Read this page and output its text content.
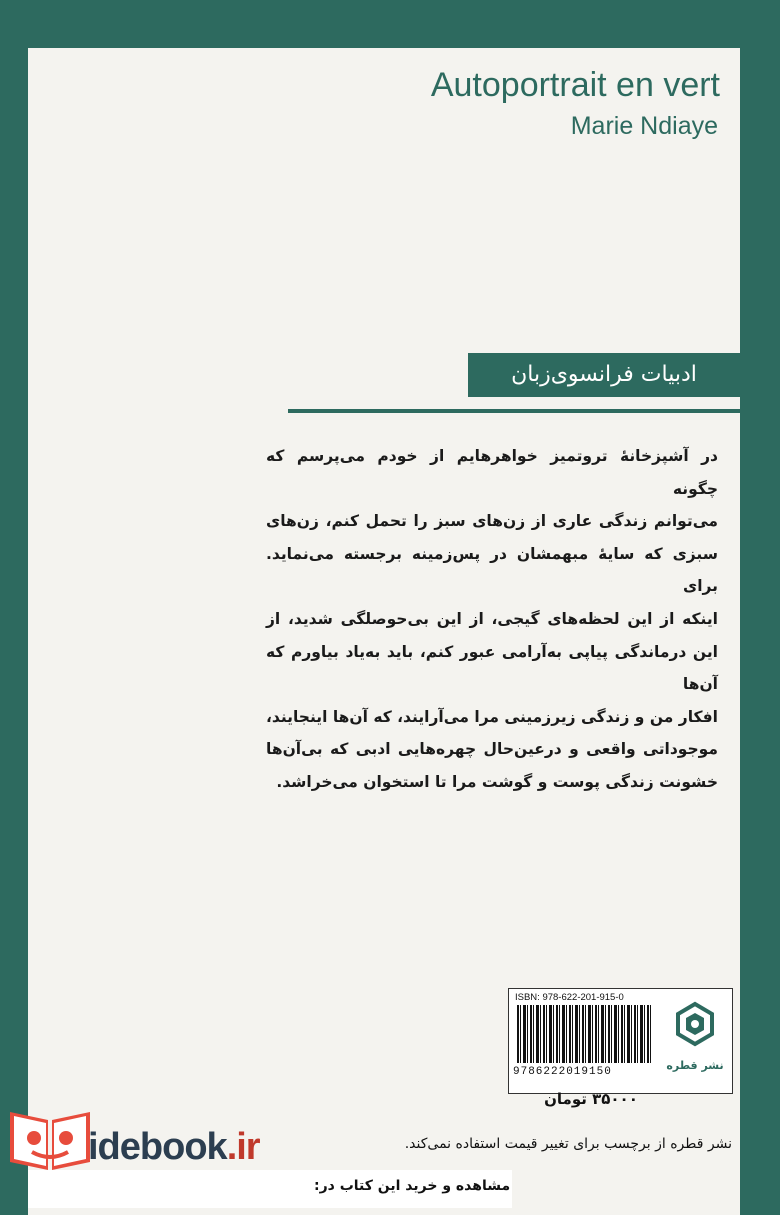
Autoportrait en vert
Marie Ndiaye
ادبیات فرانسوی‌زبان

در آشپزخانهٔ تروتمیز خواهرهایم از خودم می‌پرسم که چگونه
می‌توانم زندگی عاری از زن‌های سبز را تحمل کنم، زن‌های
سبزی که سایهٔ مبهمشان در پس‌زمینه برجسته می‌نماید. برای
اینکه از این لحظه‌های گیجی، از این بی‌حوصلگی شدید، از
این درماندگی پیاپی به‌آرامی عبور کنم، باید به‌یاد بیاورم که آن‌ها
افکار من و زندگی زیرزمینی مرا می‌آرایند، که آن‌ها اینجایند،
موجوداتی واقعی و درعین‌حال چهره‌هایی ادبی که بی‌آن‌ها
خشونت زندگی پوست و گوشت مرا تا استخوان می‌خراشد.

ISBN: 978-622-201-915-0
9786222019150	نشر قطره
۳۵۰۰۰ تومان
نشر قطره از برچسب برای تغییر قیمت استفاده نمی‌کند.
مشاهده و خرید این کتاب در:
idebook.ir
